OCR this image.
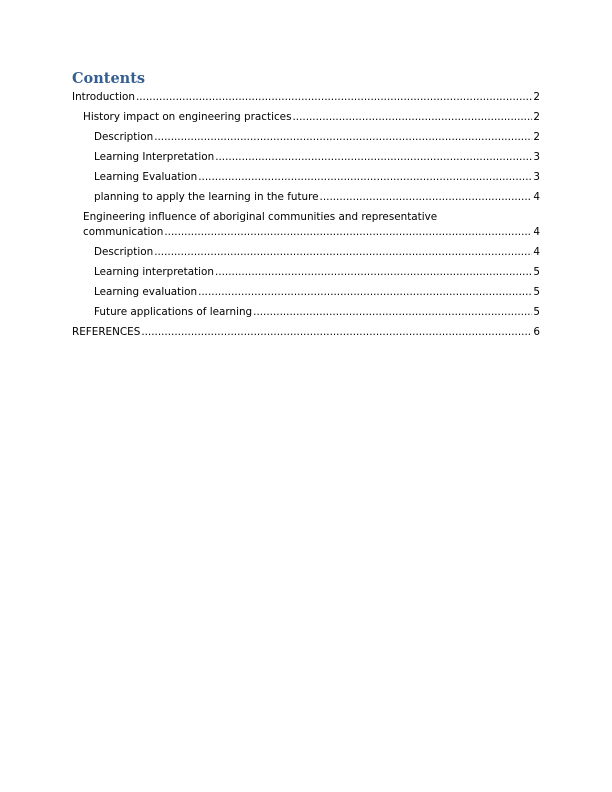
Contents
Introduction .....	2
History impact on engineering practices .....	2
Description .....	2
Learning Interpretation .....	3
Learning Evaluation .....	3
planning to apply the learning in the future .....	4
Engineering influence of aboriginal communities and representative
communication .....	4
Description .....	4
Learning interpretation .....	5
Learning evaluation .....	5
Future applications of learning .....	5
REFERENCES .....	6
